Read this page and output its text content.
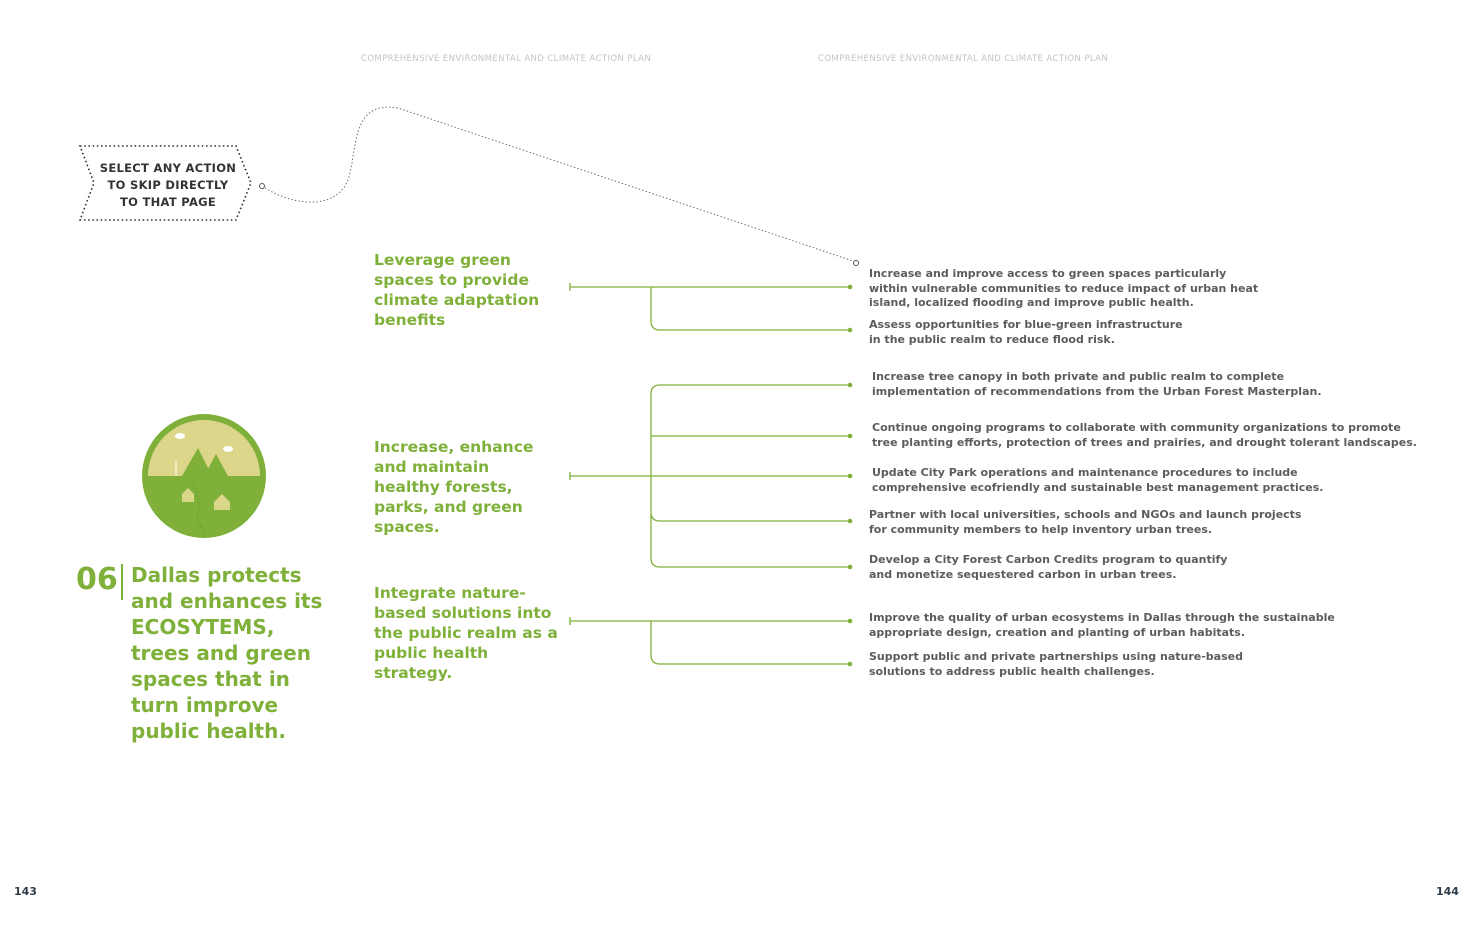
COMPREHENSIVE ENVIRONMENTAL AND CLIMATE ACTION PLAN	COMPREHENSIVE ENVIRONMENTAL AND CLIMATE ACTION PLAN
SELECT ANY ACTION
TO SKIP DIRECTLY
TO THAT PAGE
06 Dallas protects and enhances its ECOSYTEMS, trees and green spaces that in turn improve public health.
Leverage green spaces to provide climate adaptation benefits
Increase, enhance and maintain healthy forests, parks, and green spaces.
Integrate nature-based solutions into the public realm as a public health strategy.
Increase and improve access to green spaces particularly
within vulnerable communities to reduce impact of urban heat
island, localized flooding and improve public health.
Assess opportunities for blue-green infrastructure
in the public realm to reduce flood risk.
Increase tree canopy in both private and public realm to complete
implementation of recommendations from the Urban Forest Masterplan.
Continue ongoing programs to collaborate with community organizations to promote
tree planting efforts, protection of trees and prairies, and drought tolerant landscapes.
Update City Park operations and maintenance procedures to include
comprehensive ecofriendly and sustainable best management practices.
Partner with local universities, schools and NGOs and launch projects
for community members to help inventory urban trees.
Develop a City Forest Carbon Credits program to quantify
and monetize sequestered carbon in urban trees.
Improve the quality of urban ecosystems in Dallas through the sustainable
appropriate design, creation and planting of urban habitats.
Support public and private partnerships using nature-based
solutions to address public health challenges.
143	144
